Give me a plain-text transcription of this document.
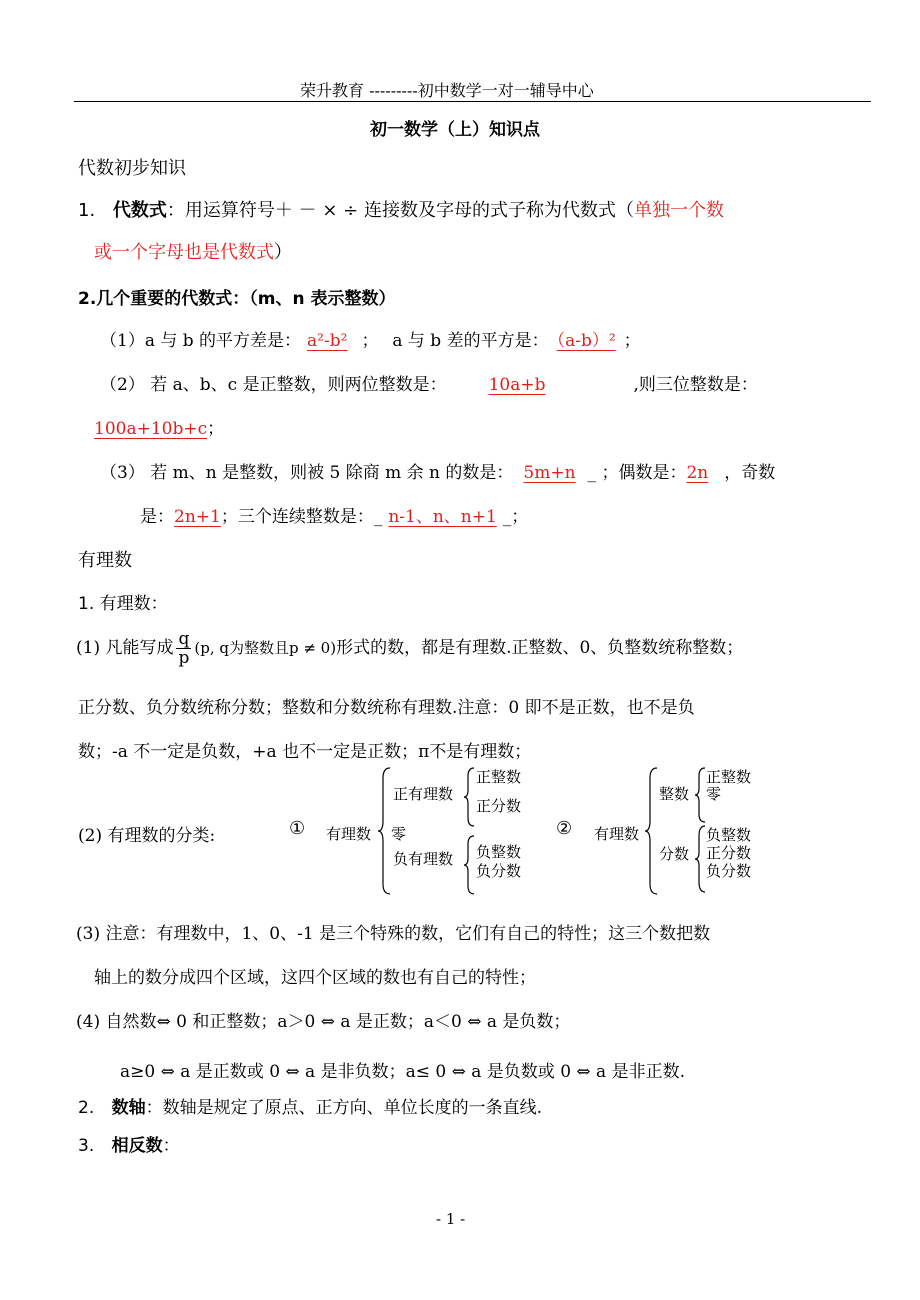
荣升教育 ---------初中数学一对一辅导中心
初一数学（上）知识点
代数初步知识
1. 代数式：用运算符号＋ － × ÷ 连接数及字母的式子称为代数式（单独一个数
或一个字母也是代数式）
2.几个重要的代数式：（m、n 表示整数）
（1）a 与 b 的平方差是： a²-b² ；　 a 与 b 差的平方是： （a-b）² ；
（2） 若 a、b、c 是正整数，则两位整数是： 10a+b	,则三位整数是：
100a+10b+c；
（3） 若 m、n 是整数，则被 5 除商 m 余 n 的数是： 5m+n _ ；偶数是：2n ，奇数
是：2n+1；三个连续整数是：_ n-1、n、n+1 _；
有理数
1. 有理数：
(1) 凡能写成 $\frac{q}{p} (p$, q为整数且p ≠ 0)形式的数，都是有理数.正整数、0、负整数统称整数；
正分数、负分数统称分数；整数和分数统称有理数.注意：0 即不是正数，也不是负
数；-a 不一定是负数，+a 也不一定是正数；π不是有理数；
(2) 有理数的分类:	① 有理数
正有理数
正整数
正分数
零
负有理数 负整数
负分数
② 有理数
整数
正整数
零
分数
负整数
正分数
负分数
(3) 注意：有理数中，1、0、-1 是三个特殊的数，它们有自己的特性；这三个数把数
轴上的数分成四个区域，这四个区域的数也有自己的特性；
(4) 自然数⇔ 0 和正整数；a＞0 ⇔ a 是正数；a＜0 ⇔ a 是负数；
a≥0 ⇔ a 是正数或 0 ⇔ a 是非负数；a≤ 0 ⇔ a 是负数或 0 ⇔ a 是非正数.
2. 数轴：数轴是规定了原点、正方向、单位长度的一条直线.
3. 相反数：
- 1 -
